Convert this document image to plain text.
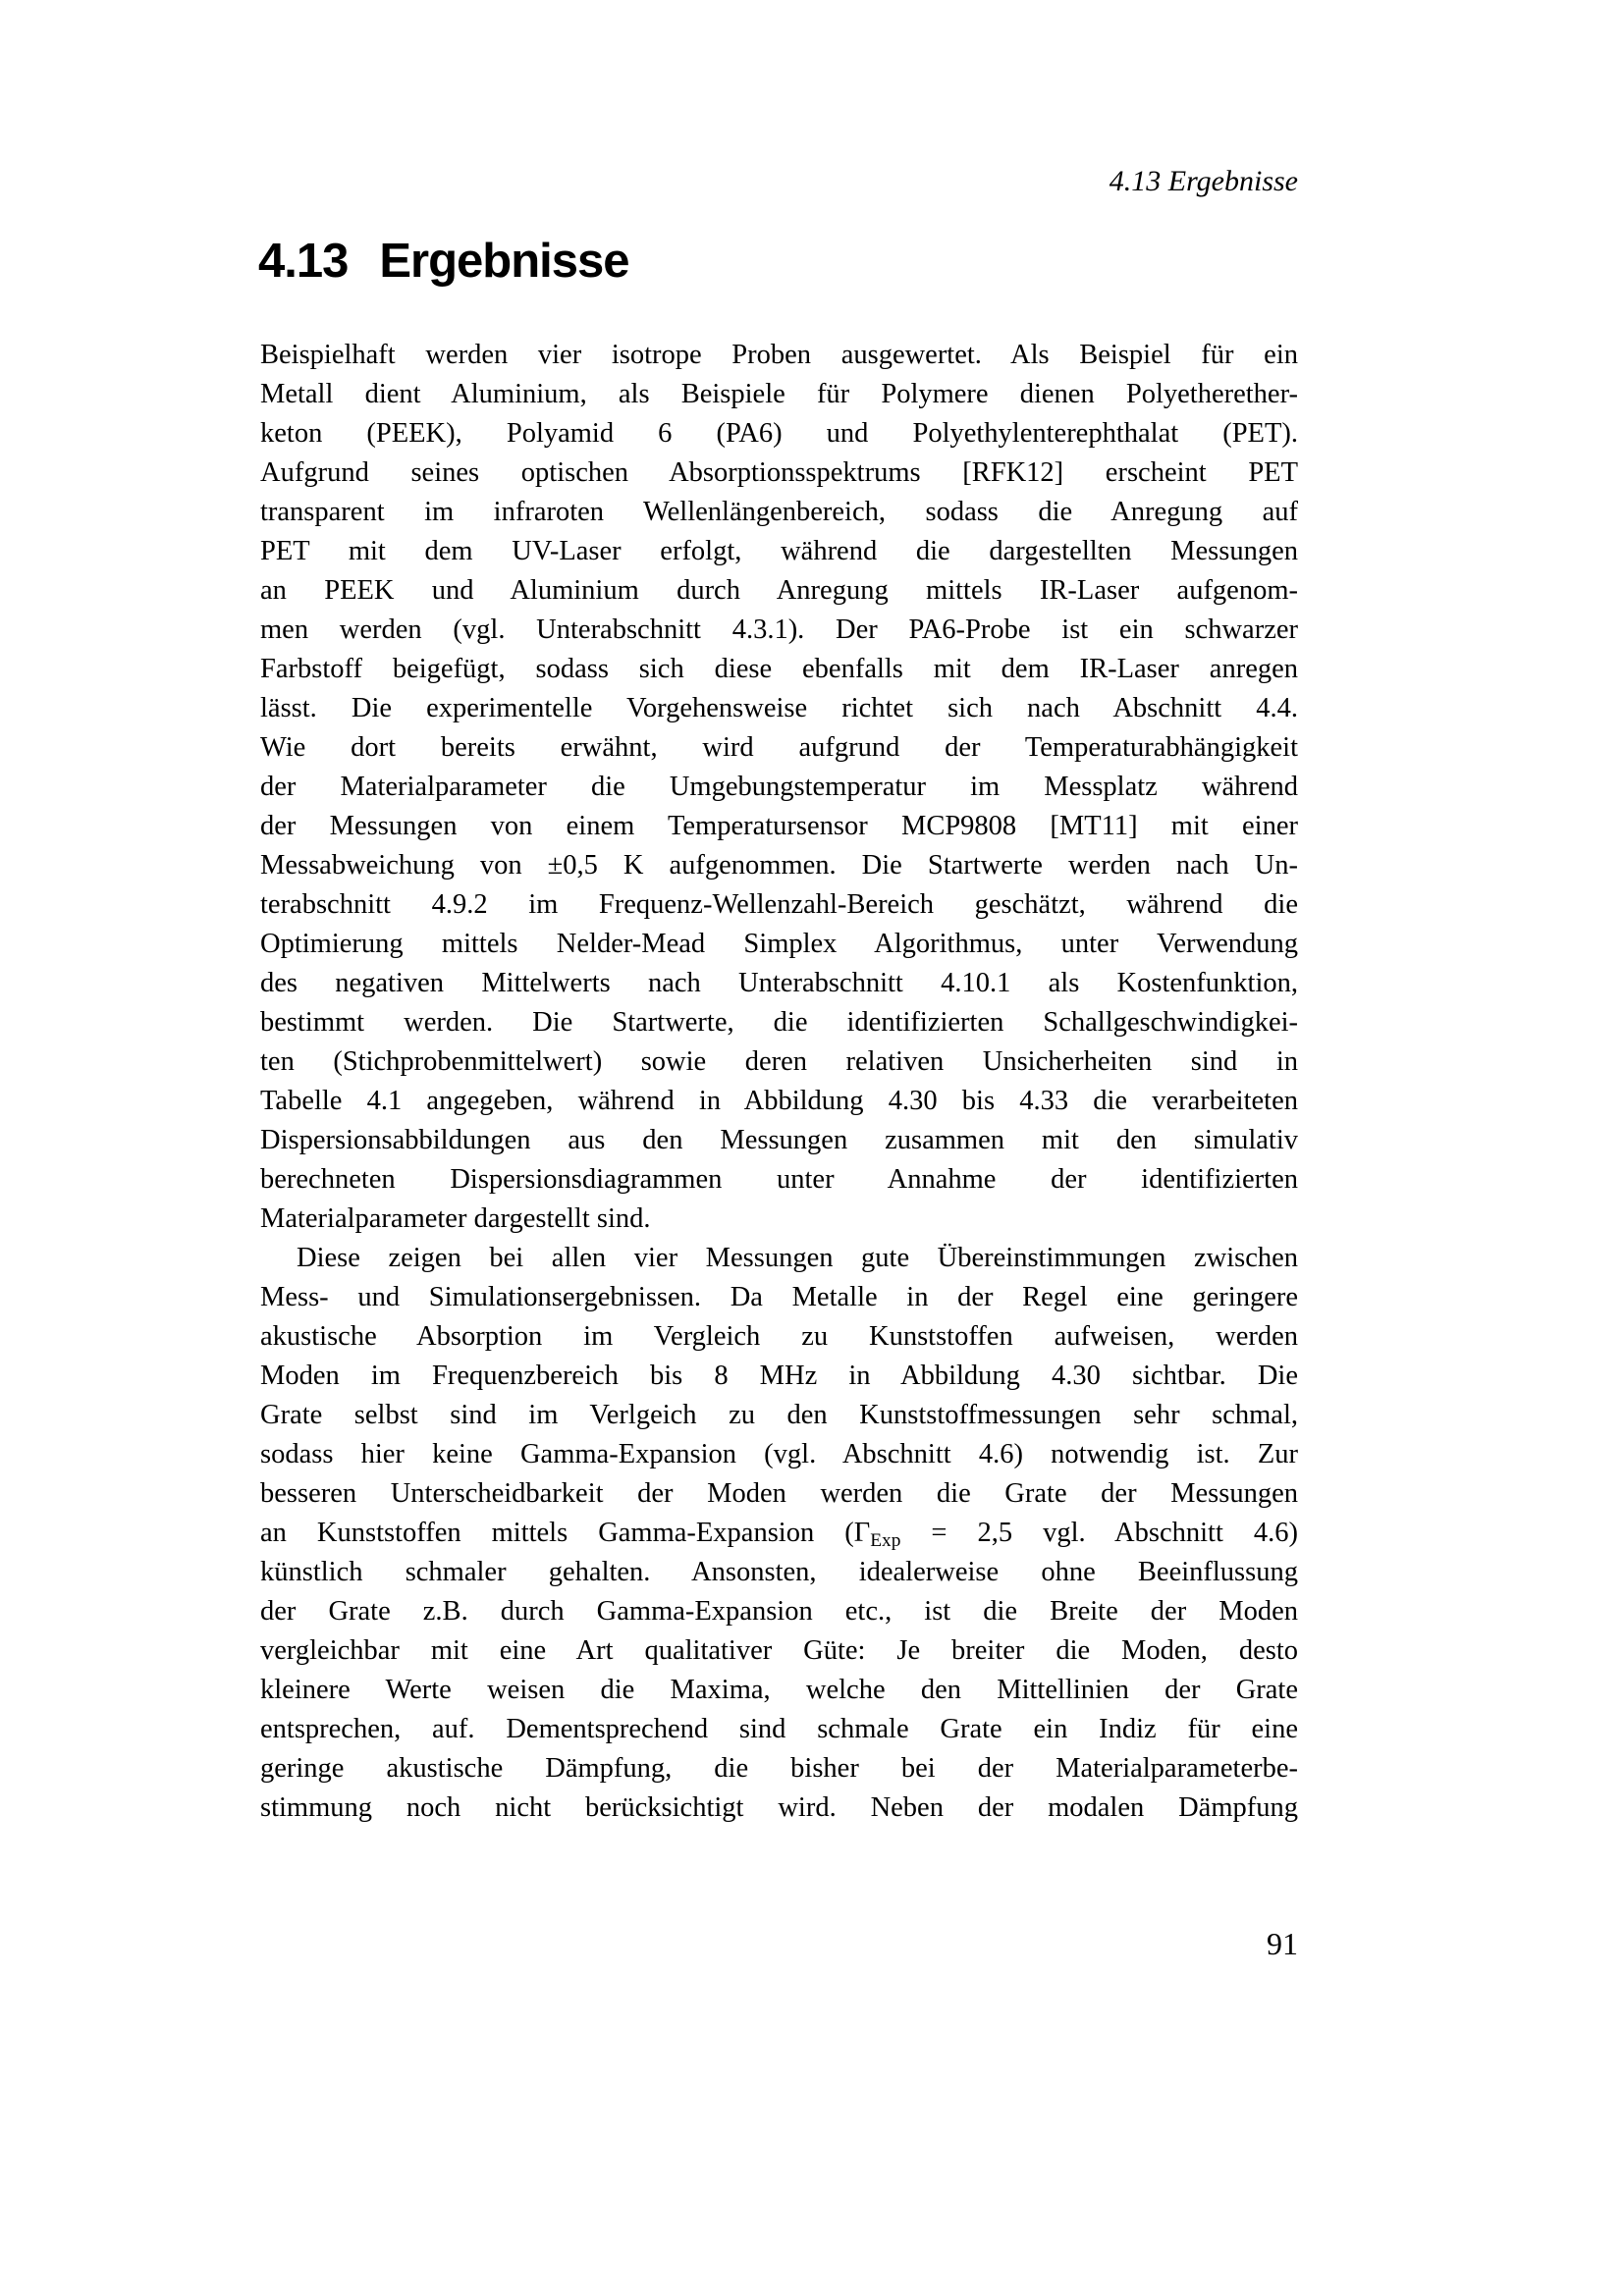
4.13 Ergebnisse
4.13 Ergebnisse
Beispielhaft werden vier isotrope Proben ausgewertet. Als Beispiel für ein
Metall dient Aluminium, als Beispiele für Polymere dienen Polyetherether-
keton (PEEK), Polyamid 6 (PA6) und Polyethylenterephthalat (PET).
Aufgrund seines optischen Absorptionsspektrums [RFK12] erscheint PET
transparent im infraroten Wellenlängenbereich, sodass die Anregung auf
PET mit dem UV-Laser erfolgt, während die dargestellten Messungen
an PEEK und Aluminium durch Anregung mittels IR-Laser aufgenom-
men werden (vgl. Unterabschnitt 4.3.1). Der PA6-Probe ist ein schwarzer
Farbstoff beigefügt, sodass sich diese ebenfalls mit dem IR-Laser anregen
lässt. Die experimentelle Vorgehensweise richtet sich nach Abschnitt 4.4.
Wie dort bereits erwähnt, wird aufgrund der Temperaturabhängigkeit
der Materialparameter die Umgebungstemperatur im Messplatz während
der Messungen von einem Temperatursensor MCP9808 [MT11] mit einer
Messabweichung von ±0,5 K aufgenommen. Die Startwerte werden nach Un-
terabschnitt 4.9.2 im Frequenz-Wellenzahl-Bereich geschätzt, während die
Optimierung mittels Nelder-Mead Simplex Algorithmus, unter Verwendung
des negativen Mittelwerts nach Unterabschnitt 4.10.1 als Kostenfunktion,
bestimmt werden. Die Startwerte, die identifizierten Schallgeschwindigkei-
ten (Stichprobenmittelwert) sowie deren relativen Unsicherheiten sind in
Tabelle 4.1 angegeben, während in Abbildung 4.30 bis 4.33 die verarbeiteten
Dispersionsabbildungen aus den Messungen zusammen mit den simulativ
berechneten Dispersionsdiagrammen unter Annahme der identifizierten
Materialparameter dargestellt sind.
Diese zeigen bei allen vier Messungen gute Übereinstimmungen zwischen
Mess- und Simulationsergebnissen. Da Metalle in der Regel eine geringere
akustische Absorption im Vergleich zu Kunststoffen aufweisen, werden
Moden im Frequenzbereich bis 8 MHz in Abbildung 4.30 sichtbar. Die
Grate selbst sind im Verlgeich zu den Kunststoffmessungen sehr schmal,
sodass hier keine Gamma-Expansion (vgl. Abschnitt 4.6) notwendig ist. Zur
besseren Unterscheidbarkeit der Moden werden die Grate der Messungen
an Kunststoffen mittels Gamma-Expansion ($\Gamma_{Exp} = 2,5$ vgl. Abschnitt 4.6)
künstlich schmaler gehalten. Ansonsten, idealerweise ohne Beeinflussung
der Grate z.B. durch Gamma-Expansion etc., ist die Breite der Moden
vergleichbar mit eine Art qualitativer Güte: Je breiter die Moden, desto
kleinere Werte weisen die Maxima, welche den Mittellinien der Grate
entsprechen, auf. Dementsprechend sind schmale Grate ein Indiz für eine
geringe akustische Dämpfung, die bisher bei der Materialparameterbe-
stimmung noch nicht berücksichtigt wird. Neben der modalen Dämpfung
91
